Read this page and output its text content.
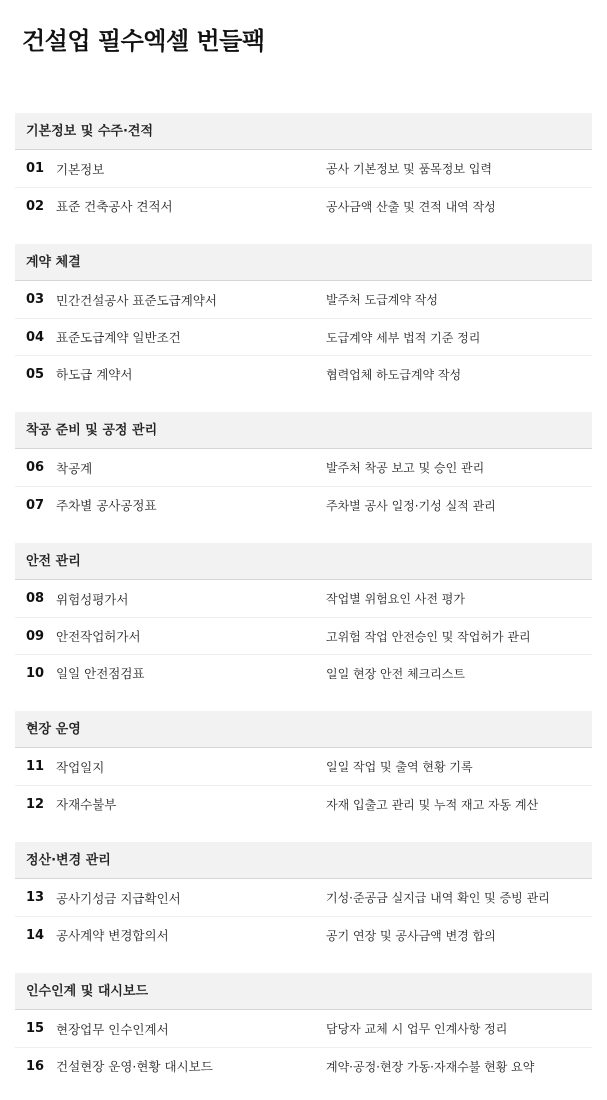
건설업 필수엑셀 번들팩
기본정보 및 수주·견적
01 기본정보	공사 기본정보 및 품목정보 입력
02 표준 건축공사 견적서	공사금액 산출 및 견적 내역 작성
계약 체결
03 민간건설공사 표준도급계약서	발주처 도급계약 작성
04 표준도급계약 일반조건	도급계약 세부 법적 기준 정리
05 하도급 계약서	협력업체 하도급계약 작성
착공 준비 및 공정 관리
06 착공계	발주처 착공 보고 및 승인 관리
07 주차별 공사공정표	주차별 공사 일정·기성 실적 관리
안전 관리
08 위험성평가서	작업별 위험요인 사전 평가
09 안전작업허가서	고위험 작업 안전승인 및 작업허가 관리
10 일일 안전점검표	일일 현장 안전 체크리스트
현장 운영
11 작업일지	일일 작업 및 출역 현황 기록
12 자재수불부	자재 입출고 관리 및 누적 재고 자동 계산
정산·변경 관리
13 공사기성금 지급확인서	기성·준공금 실지급 내역 확인 및 증빙 관리
14 공사계약 변경합의서	공기 연장 및 공사금액 변경 합의
인수인계 및 대시보드
15 현장업무 인수인계서	담당자 교체 시 업무 인계사항 정리
16 건설현장 운영·현황 대시보드	계약·공정·현장 가동·자재수불 현황 요약
